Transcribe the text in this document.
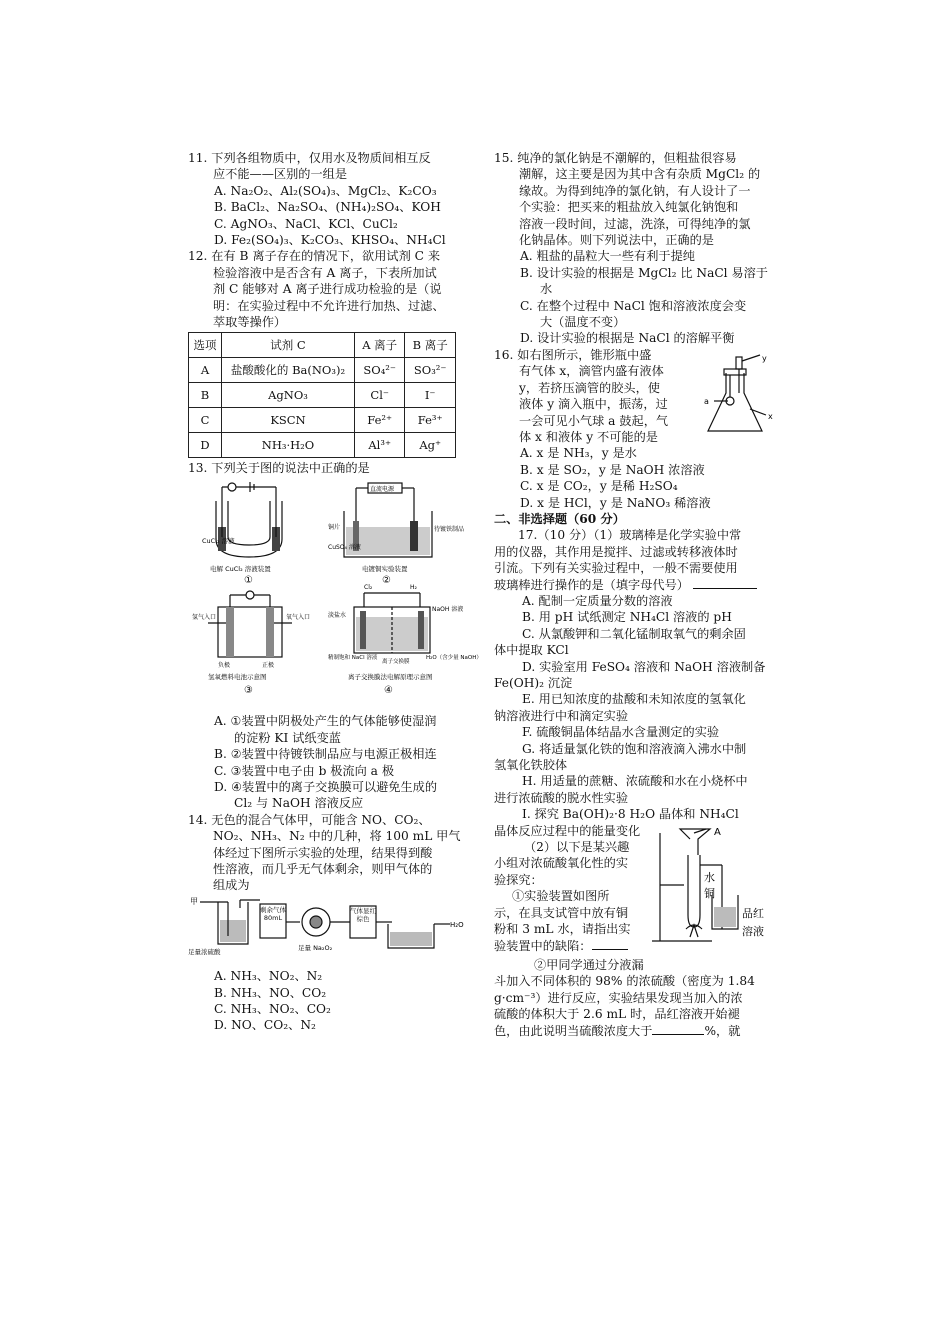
11. 下列各组物质中，仅用水及物质间相互反

应不能——区别的一组是

A. Na₂O₂、Al₂(SO₄)₃、MgCl₂、K₂CO₃

B. BaCl₂、Na₂SO₄、(NH₄)₂SO₄、KOH

C. AgNO₃、NaCl、KCl、CuCl₂

D. Fe₂(SO₄)₃、K₂CO₃、KHSO₄、NH₄Cl

12. 在有 B 离子存在的情况下，欲用试剂 C 来

检验溶液中是否含有 A 离子，下表所加试

剂 C 能够对 A 离子进行成功检验的是（说

明：在实验过程中不允许进行加热、过滤、

萃取等操作）

选项	试剂 C	A 离子	B 离子
A	盐酸酸化的 Ba(NO₃)₂	SO₄²⁻	SO₃²⁻
B	AgNO₃	Cl⁻	I⁻
C	KSCN	Fe²⁺	Fe³⁺
D	NH₃·H₂O	Al³⁺	Ag⁺

13. 下列关于图的说法中正确的是

CuCl₂ 溶液
电解 CuCl₂ 溶液装置
①
直流电源
铜片	待镀铁制品
CuSO₄ 溶液
电镀铜实验装置
②
氢气入口	氧气入口
负极	正极
氢氧燃料电池示意图
③
Cl₂	H₂
NaOH 溶液
淡盐水
精制饱和 NaCl 溶液
离子交换膜
H₂O（含少量 NaOH）
离子交换膜法电解原理示意图
④

A. ①装置中阴极处产生的气体能够使湿润

的淀粉 KI 试纸变蓝

B. ②装置中待镀铁制品应与电源正极相连

C. ③装置中电子由 b 极流向 a 极

D. ④装置中的离子交换膜可以避免生成的

Cl₂ 与 NaOH 溶液反应

14. 无色的混合气体甲，可能含 NO、CO₂、

NO₂、NH₃、N₂ 中的几种，将 100 mL 甲气

体经过下图所示实验的处理，结果得到酸

性溶液，而几乎无气体剩余，则甲气体的

组成为

甲
足量浓硫酸
剩余气体80mL
足量 Na₂O₂
气体显红棕色
H₂O

A. NH₃、NO₂、N₂

B. NH₃、NO、CO₂

C. NH₃、NO₂、CO₂

D. NO、CO₂、N₂

15. 纯净的氯化钠是不潮解的，但粗盐很容易

潮解，这主要是因为其中含有杂质 MgCl₂ 的

缘故。为得到纯净的氯化钠，有人设计了一

个实验：把买来的粗盐放入纯氯化钠饱和

溶液一段时间，过滤，洗涤，可得纯净的氯

化钠晶体。则下列说法中，正确的是

A. 粗盐的晶粒大一些有利于提纯

B. 设计实验的根据是 MgCl₂ 比 NaCl 易溶于

水

C. 在整个过程中 NaCl 饱和溶液浓度会变

大（温度不变）

D. 设计实验的根据是 NaCl 的溶解平衡

16. 如右图所示，锥形瓶中盛

有气体 x，滴管内盛有液体

y，若挤压滴管的胶头，使

液体 y 滴入瓶中，振荡，过

一会可见小气球 a 鼓起，气

体 x 和液体 y 不可能的是

y
a
x

A. x 是 NH₃，y 是水

B. x 是 SO₂，y 是 NaOH 浓溶液

C. x 是 CO₂，y 是稀 H₂SO₄

D. x 是 HCl，y 是 NaNO₃ 稀溶液

二、非选择题（60 分）

17.（10 分）（1）玻璃棒是化学实验中常

用的仪器，其作用是搅拌、过滤或转移液体时

引流。下列有关实验过程中，一般不需要使用

玻璃棒进行操作的是（填字母代号）

A. 配制一定质量分数的溶液

B. 用 pH 试纸测定 NH₄Cl 溶液的 pH

C. 从氯酸钾和二氧化锰制取氧气的剩余固

体中提取 KCl

D. 实验室用 FeSO₄ 溶液和 NaOH 溶液制备

Fe(OH)₂ 沉淀

E. 用已知浓度的盐酸和未知浓度的氢氧化

钠溶液进行中和滴定实验

F. 硫酸铜晶体结晶水含量测定的实验

G. 将适量氯化铁的饱和溶液滴入沸水中制

氢氧化铁胶体

H. 用适量的蔗糖、浓硫酸和水在小烧杯中

进行浓硫酸的脱水性实验

I. 探究 Ba(OH)₂·8 H₂O 晶体和 NH₄Cl

晶体反应过程中的能量变化

（2）以下是某兴趣

小组对浓硫酸氧化性的实

验探究：

①实验装置如图所

示，在具支试管中放有铜

粉和 3 mL 水，请指出实

验装置中的缺陷：

A
水
铜
品红
溶液

②甲同学通过分液漏

斗加入不同体积的 98% 的浓硫酸（密度为 1.84

g·cm⁻³）进行反应，实验结果发现当加入的浓

硫酸的体积大于 2.6 mL 时，品红溶液开始褪

色，由此说明当硫酸浓度大于	%，就
